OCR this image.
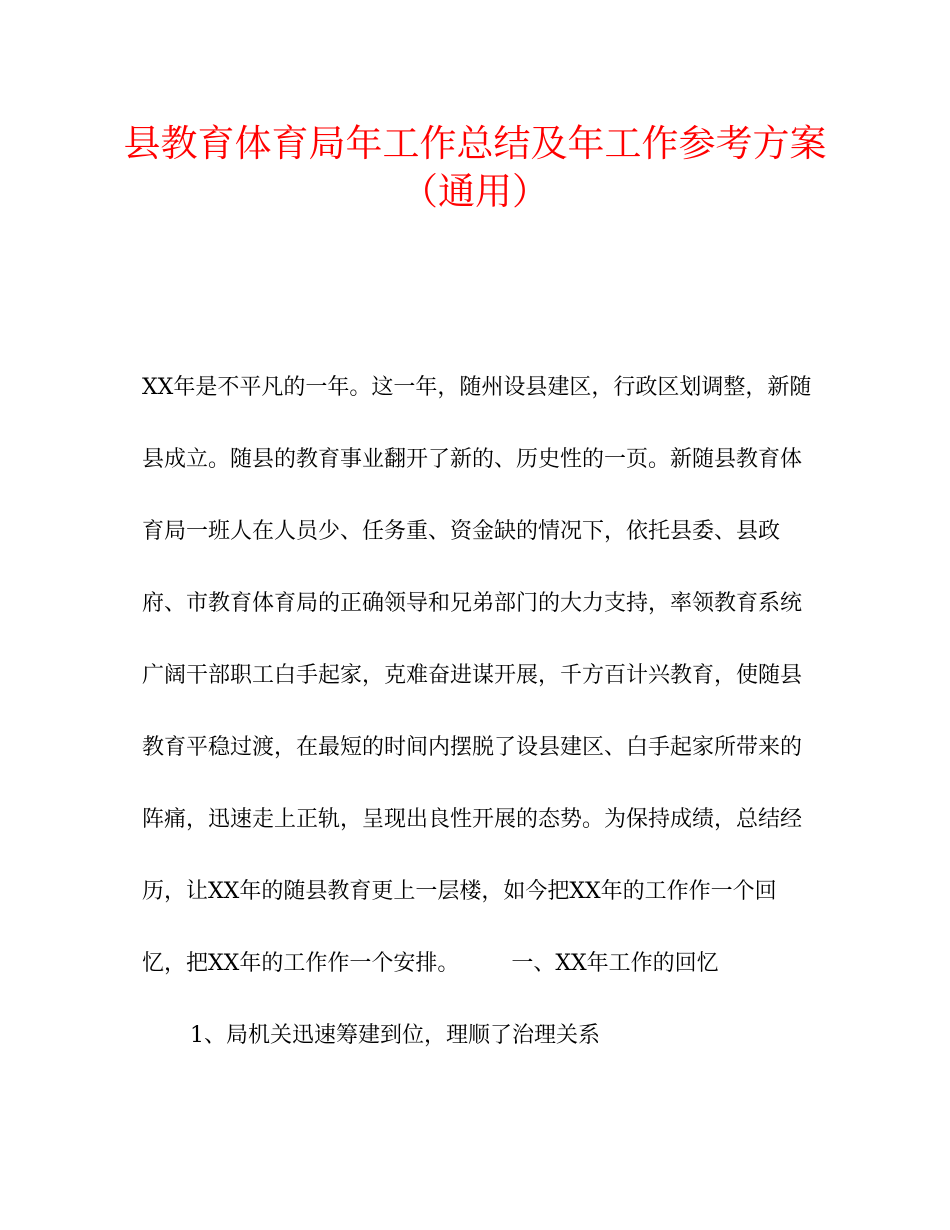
县教育体育局年工作总结及年工作参考方案（通用）

XX年是不平凡的一年。这一年，随州设县建区，行政区划调整，新随

县成立。随县的教育事业翻开了新的、历史性的一页。新随县教育体

育局一班人在人员少、任务重、资金缺的情况下，依托县委、县政

府、市教育体育局的正确领导和兄弟部门的大力支持，率领教育系统

广阔干部职工白手起家，克难奋进谋开展，千方百计兴教育，使随县

教育平稳过渡，在最短的时间内摆脱了设县建区、白手起家所带来的

阵痛，迅速走上正轨，呈现出良性开展的态势。为保持成绩，总结经

历，让XX年的随县教育更上一层楼，如今把XX年的工作作一个回

忆，把XX年的工作作一个安排。 一、XX年工作的回忆

1、局机关迅速筹建到位，理顺了治理关系
